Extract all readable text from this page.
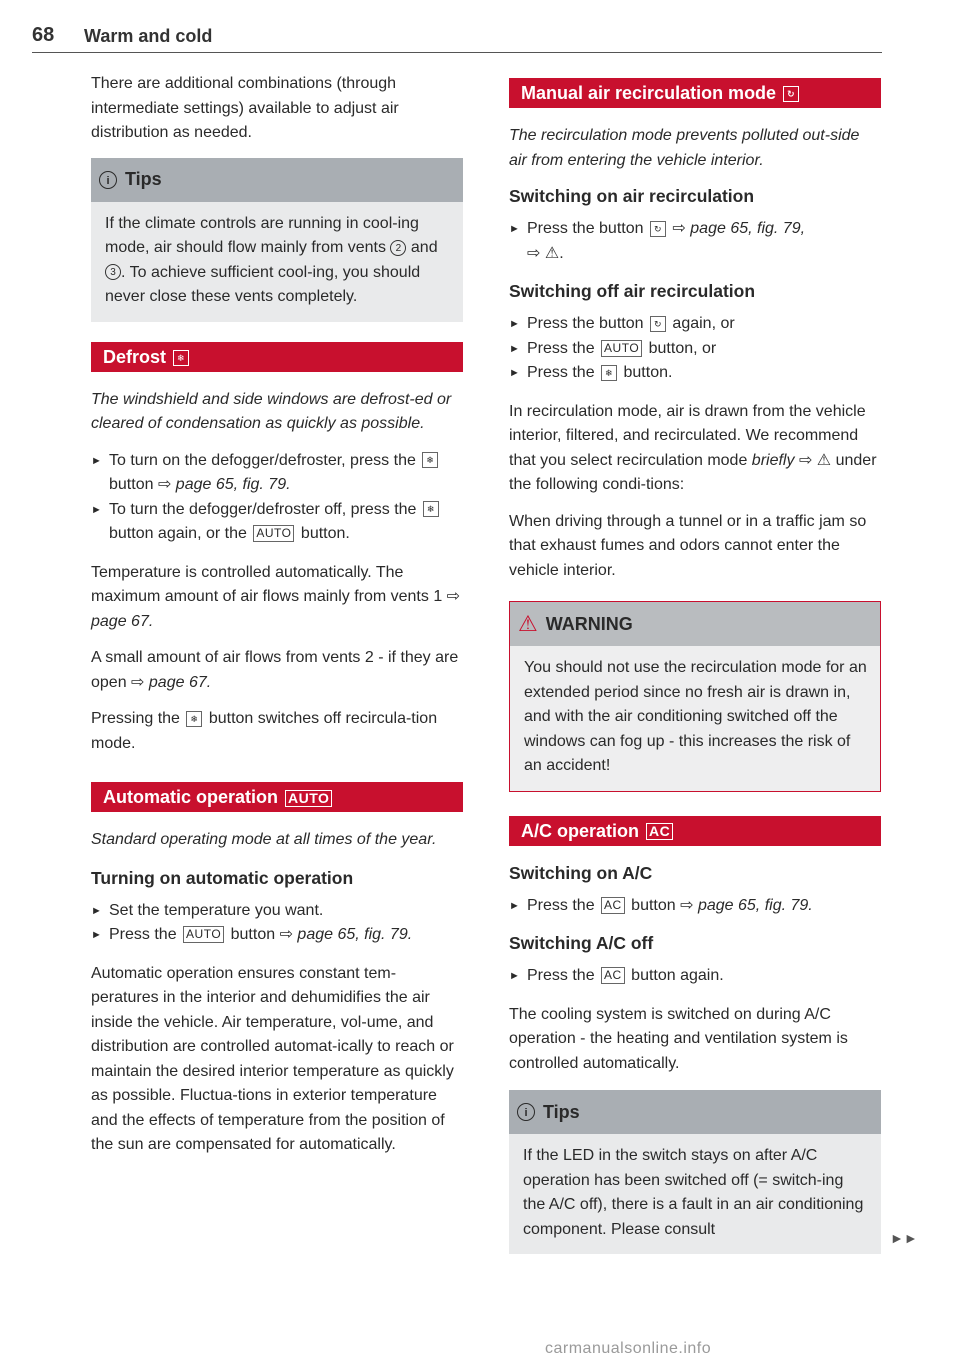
68 Warm and cold

There are additional combinations (through intermediate settings) available to adjust air distribution as needed.

i Tips

If the climate controls are running in cool-ing mode, air should flow mainly from vents 2 and 3 . To achieve sufficient cool-ing, you should never close these vents completely.

Defrost ❄

The windshield and side windows are defrost-ed or cleared of condensation as quickly as possible.

► To turn on the defogger/defroster, press the ❄ button ⇨ page 65, fig. 79.
► To turn the defogger/defroster off, press the ❄ button again, or the AUTO button.

Temperature is controlled automatically. The maximum amount of air flows mainly from vents 1 ⇨ page 67.

A small amount of air flows from vents 2 - if they are open ⇨ page 67.

Pressing the ❄ button switches off recircula-tion mode.

Automatic operation AUTO

Standard operating mode at all times of the year.

Turning on automatic operation
► Set the temperature you want.
► Press the AUTO button ⇨ page 65, fig. 79.

Automatic operation ensures constant tem-peratures in the interior and dehumidifies the air inside the vehicle. Air temperature, vol-ume, and distribution are controlled automat-ically to reach or maintain the desired interior temperature as quickly as possible. Fluctua-tions in exterior temperature and the effects of temperature from the position of the sun are compensated for automatically.

Manual air recirculation mode ↻

The recirculation mode prevents polluted out-side air from entering the vehicle interior.

Switching on air recirculation
► Press the button ↻ ⇨ page 65, fig. 79,
⇨ ⚠.
Switching off air recirculation
► Press the button ↻ again, or
► Press the AUTO button, or
► Press the ❄ button.

In recirculation mode, air is drawn from the vehicle interior, filtered, and recirculated. We recommend that you select recirculation mode briefly ⇨ ⚠ under the following condi-tions:

When driving through a tunnel or in a traffic jam so that exhaust fumes and odors cannot enter the vehicle interior.

⚠ WARNING

You should not use the recirculation mode for an extended period since no fresh air is drawn in, and with the air conditioning switched off the windows can fog up - this increases the risk of an accident!

A/C operation AC
Switching on A/C
► Press the AC button ⇨ page 65, fig. 79.
Switching A/C off
► Press the AC button again.

The cooling system is switched on during A/C operation - the heating and ventilation system is controlled automatically.

i Tips

If the LED in the switch stays on after A/C operation has been switched off (= switch-ing the A/C off), there is a fault in an air conditioning component. Please consult

►►
carmanualsonline.info
